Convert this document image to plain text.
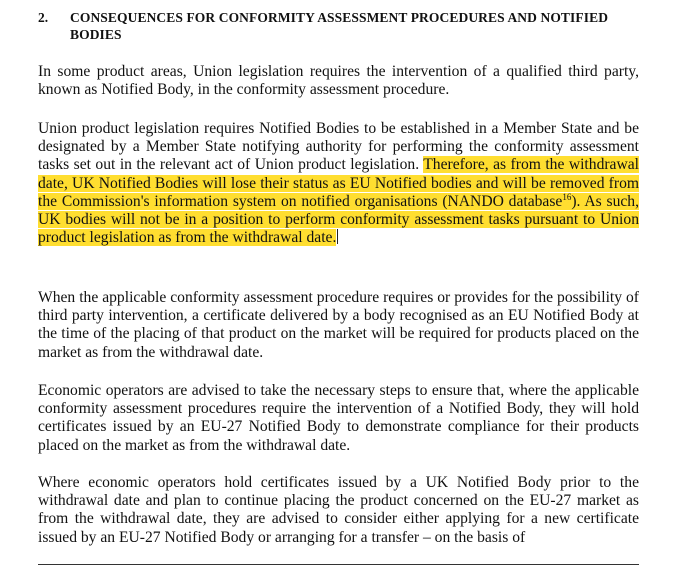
2. CONSEQUENCES FOR CONFORMITY ASSESSMENT PROCEDURES AND NOTIFIED BODIES

In some product areas, Union legislation requires the intervention of a qualified third party, known as Notified Body, in the conformity assessment procedure.

Union product legislation requires Notified Bodies to be established in a Member State and be designated by a Member State notifying authority for performing the conformity assessment tasks set out in the relevant act of Union product legislation. Therefore, as from the withdrawal date, UK Notified Bodies will lose their status as EU Notified bodies and will be removed from the Commission's information system on notified organisations (NANDO database$^{16}$). As such, UK bodies will not be in a position to perform conformity assessment tasks pursuant to Union product legislation as from the withdrawal date.

When the applicable conformity assessment procedure requires or provides for the possibility of third party intervention, a certificate delivered by a body recognised as an EU Notified Body at the time of the placing of that product on the market will be required for products placed on the market as from the withdrawal date.

Economic operators are advised to take the necessary steps to ensure that, where the applicable conformity assessment procedures require the intervention of a Notified Body, they will hold certificates issued by an EU-27 Notified Body to demonstrate compliance for their products placed on the market as from the withdrawal date.

Where economic operators hold certificates issued by a UK Notified Body prior to the withdrawal date and plan to continue placing the product concerned on the EU-27 market as from the withdrawal date, they are advised to consider either applying for a new certificate issued by an EU-27 Notified Body or arranging for a transfer – on the basis of
